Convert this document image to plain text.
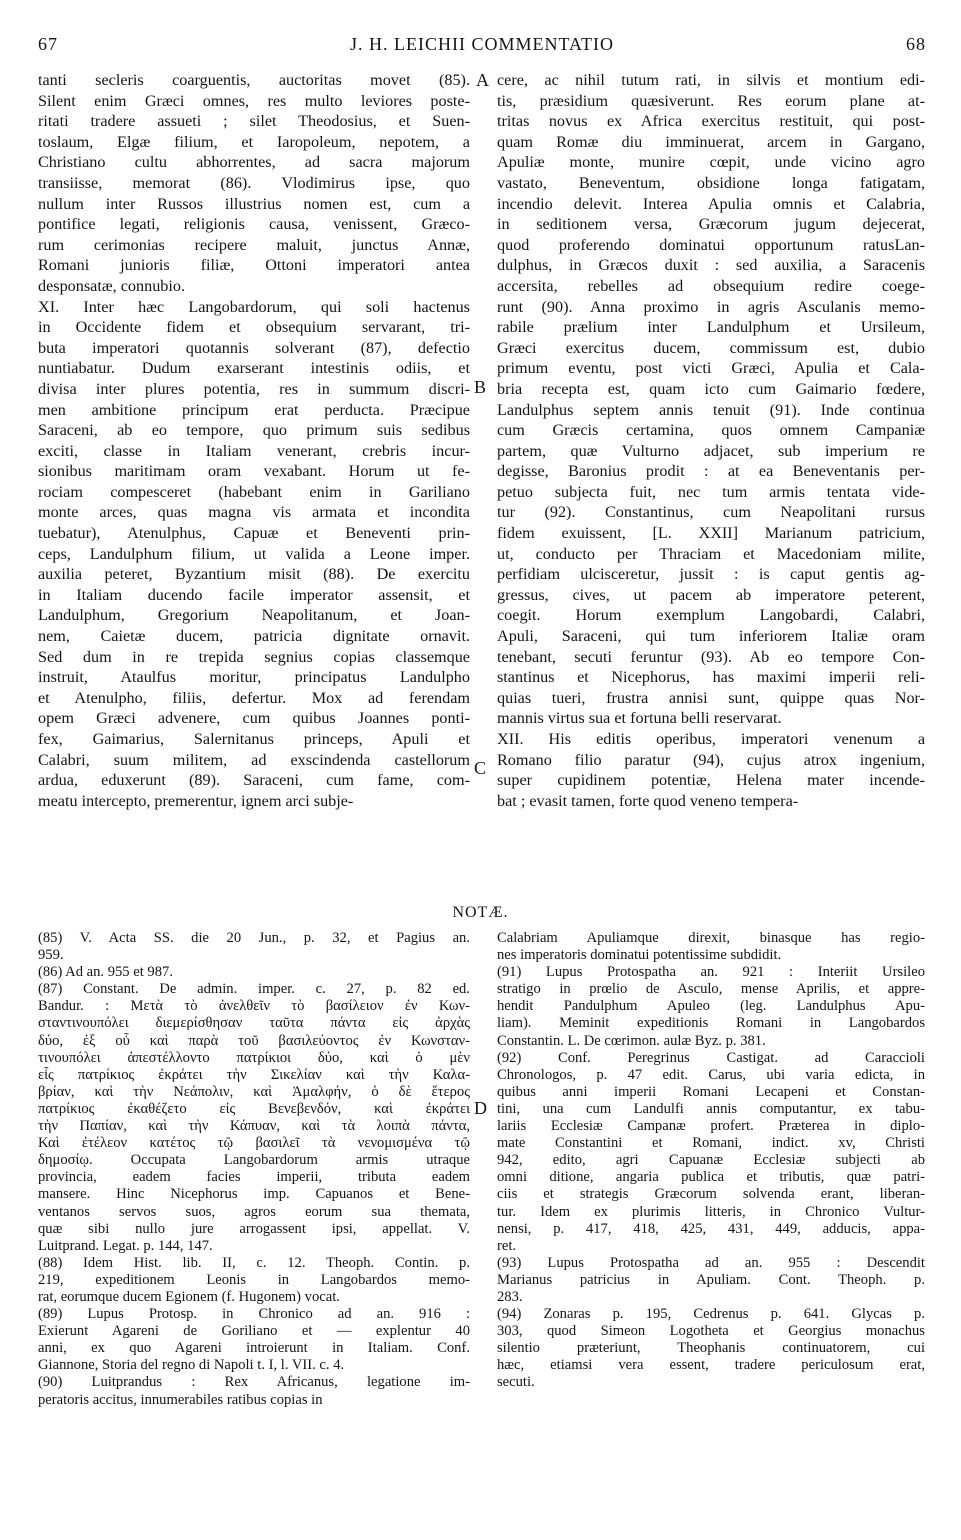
67	J. H. LEICHII COMMENTATIO	68
tanti secleris coarguentis, auctoritas movet (85).
Silent enim Græci omnes, res multo leviores poste-
ritati tradere assueti ; silet Theodosius, et Suen-
toslaum, Elgæ filium, et Iaropoleum, nepotem, a
Christiano cultu abhorrentes, ad sacra majorum
transiisse, memorat (86). Vlodimirus ipse, quo
nullum inter Russos illustrius nomen est, cum a
pontifice legati, religionis causa, venissent, Græco-
rum cerimonias recipere maluit, junctus Annæ,
Romani junioris filiæ, Ottoni imperatori antea
desponsatæ, connubio.
XI. Inter hæc Langobardorum, qui soli hactenus
in Occidente fidem et obsequium servarant, tri-
buta imperatori quotannis solverant (87), defectio
nuntiabatur. Dudum exarserant intestinis odiis, et
divisa inter plures potentia, res in summum discri-
men ambitione principum erat perducta. Præcipue
Saraceni, ab eo tempore, quo primum suis sedibus
exciti, classe in Italiam venerant, crebris incur-
sionibus maritimam oram vexabant. Horum ut fe-
rociam compesceret (habebant enim in Gariliano
monte arces, quas magna vis armata et incondita
tuebatur), Atenulphus, Capuæ et Beneventi prin-
ceps, Landulphum filium, ut valida a Leone imper.
auxilia peteret, Byzantium misit (88). De exercitu
in Italiam ducendo facile imperator assensit, et
Landulphum, Gregorium Neapolitanum, et Joan-
nem, Caietæ ducem, patricia dignitate ornavit.
Sed dum in re trepida segnius copias classemque
instruit, Ataulfus moritur, principatus Landulpho
et Atenulpho, filiis, defertur. Mox ad ferendam
opem Græci advenere, cum quibus Joannes ponti-
fex, Gaimarius, Salernitanus princeps, Apuli et
Calabri, suum militem, ad exscindenda castellorum
ardua, eduxerunt (89). Saraceni, cum fame, com-
meatu intercepto, premerentur, ignem arci subje-
cere, ac nihil tutum rati, in silvis et montium edi-
tis, præsidium quæsiverunt. Res eorum plane at-
tritas novus ex Africa exercitus restituit, qui post-
quam Romæ diu imminuerat, arcem in Gargano,
Apuliæ monte, munire cœpit, unde vicino agro
vastato, Beneventum, obsidione longa fatigatam,
incendio delevit. Interea Apulia omnis et Calabria,
in seditionem versa, Græcorum jugum dejecerat,
quod proferendo dominatui opportunum ratusLan-
dulphus, in Græcos duxit : sed auxilia, a Saracenis
accersita, rebelles ad obsequium redire coege-
runt (90). Anna proximo in agris Asculanis memo-
rabile prælium inter Landulphum et Ursileum,
Græci exercitus ducem, commissum est, dubio
primum eventu, post victi Græci, Apulia et Cala-
bria recepta est, quam icto cum Gaimario fœdere,
Landulphus septem annis tenuit (91). Inde continua
cum Græcis certamina, quos omnem Campaniæ
partem, quæ Vulturno adjacet, sub imperium re
degisse, Baronius prodit : at ea Beneventanis per-
petuo subjecta fuit, nec tum armis tentata vide-
tur (92). Constantinus, cum Neapolitani rursus
fidem exuissent, [L. XXII] Marianum patricium,
ut, conducto per Thraciam et Macedoniam milite,
perfidiam ulcisceretur, jussit : is caput gentis ag-
gressus, cives, ut pacem ab imperatore peterent,
coegit. Horum exemplum Langobardi, Calabri,
Apuli, Saraceni, qui tum inferiorem Italiæ oram
tenebant, secuti feruntur (93). Ab eo tempore Con-
stantinus et Nicephorus, has maximi imperii reli-
quias tueri, frustra annisi sunt, quippe quas Nor-
mannis virtus sua et fortuna belli reservarat.
XII. His editis operibus, imperatori venenum a
Romano filio paratur (94), cujus atrox ingenium,
super cupidinem potentiæ, Helena mater incende-
bat ; evasit tamen, forte quod veneno tempera-
A
B
C
D
NOTÆ.
(85) V. Acta SS. die 20 Jun., p. 32, et Pagius an.
959.
(86) Ad an. 955 et 987.
(87) Constant. De admin. imper. c. 27, p. 82 ed.
Bandur. : Μετὰ τὸ ἀνελθεῖν τὸ βασίλειον ἐν Κων-
σταντινουπόλει διεμερίσθησαν ταῦτα πάντα εἰς ἀρχὰς
δύο, ἐξ οὗ καὶ παρὰ τοῦ βασιλεύοντος ἐν Κωνσταν-
τινουπόλει ἀπεστέλλοντο πατρίκιοι δύο, καὶ ὁ μὲν
εἷς πατρίκιος ἐκράτει τὴν Σικελίαν καὶ τὴν Καλα-
βρίαν, καὶ τὴν Νεάπολιν, καὶ Ἀμαλφήν, ὁ δὲ ἕτερος
πατρίκιος ἐκαθέζετο εἰς Βενεβενδόν, καὶ ἐκράτει
τὴν Παπίαν, καὶ τὴν Κάπυαν, καὶ τὰ λοιπὰ πάντα,
Καὶ ἐτέλεον κατέτος τῷ βασιλεῖ τὰ νενομισμένα τῷ
δημοσίῳ. Occupata Langobardorum armis utraque
provincia, eadem facies imperii, tributa eadem
mansere. Hinc Nicephorus imp. Capuanos et Bene-
ventanos servos suos, agros eorum sua themata,
quæ sibi nullo jure arrogassent ipsi, appellat. V.
Luitprand. Legat. p. 144, 147.
(88) Idem Hist. lib. II, c. 12. Theoph. Contin. p.
219, expeditionem Leonis in Langobardos memo-
rat, eorumque ducem Egionem (f. Hugonem) vocat.
(89) Lupus Protosp. in Chronico ad an. 916 :
Exierunt Agareni de Goriliano et — explentur 40
anni, ex quo Agareni introierunt in Italiam. Conf.
Giannone, Storia del regno di Napoli t. I, l. VII. c. 4.
(90) Luitprandus : Rex Africanus, legatione im-
peratoris accitus, innumerabiles ratibus copias in
Calabriam Apuliamque direxit, binasque has regio-
nes imperatoris dominatui potentissime subdidit.
(91) Lupus Protospatha an. 921 : Interiit Ursileo
stratigo in prœlio de Asculo, mense Aprilis, et appre-
hendit Pandulphum Apuleo (leg. Landulphus Apu-
liam). Meminit expeditionis Romani in Langobardos
Constantin. L. De cœrimon. aulæ Byz. p. 381.
(92) Conf. Peregrinus Castigat. ad Caraccioli
Chronologos, p. 47 edit. Carus, ubi varia edicta, in
quibus anni imperii Romani Lecapeni et Constan-
tini, una cum Landulfi annis computantur, ex tabu-
lariis Ecclesiæ Campanæ profert. Præterea in diplo-
mate Constantini et Romani, indict. xv, Christi
942, edito, agri Capuanæ Ecclesiæ subjecti ab
omni ditione, angaria publica et tributis, quæ patri-
ciis et strategis Græcorum solvenda erant, liberan-
tur. Idem ex plurimis litteris, in Chronico Vultur-
nensi, p. 417, 418, 425, 431, 449, adducis, appa-
ret.
(93) Lupus Protospatha ad an. 955 : Descendit
Marianus patricius in Apuliam. Cont. Theoph. p.
283.
(94) Zonaras p. 195, Cedrenus p. 641. Glycas p.
303, quod Simeon Logotheta et Georgius monachus
silentio præteriunt, Theophanis continuatorem, cui
hæc, etiamsi vera essent, tradere periculosum erat,
secuti.
